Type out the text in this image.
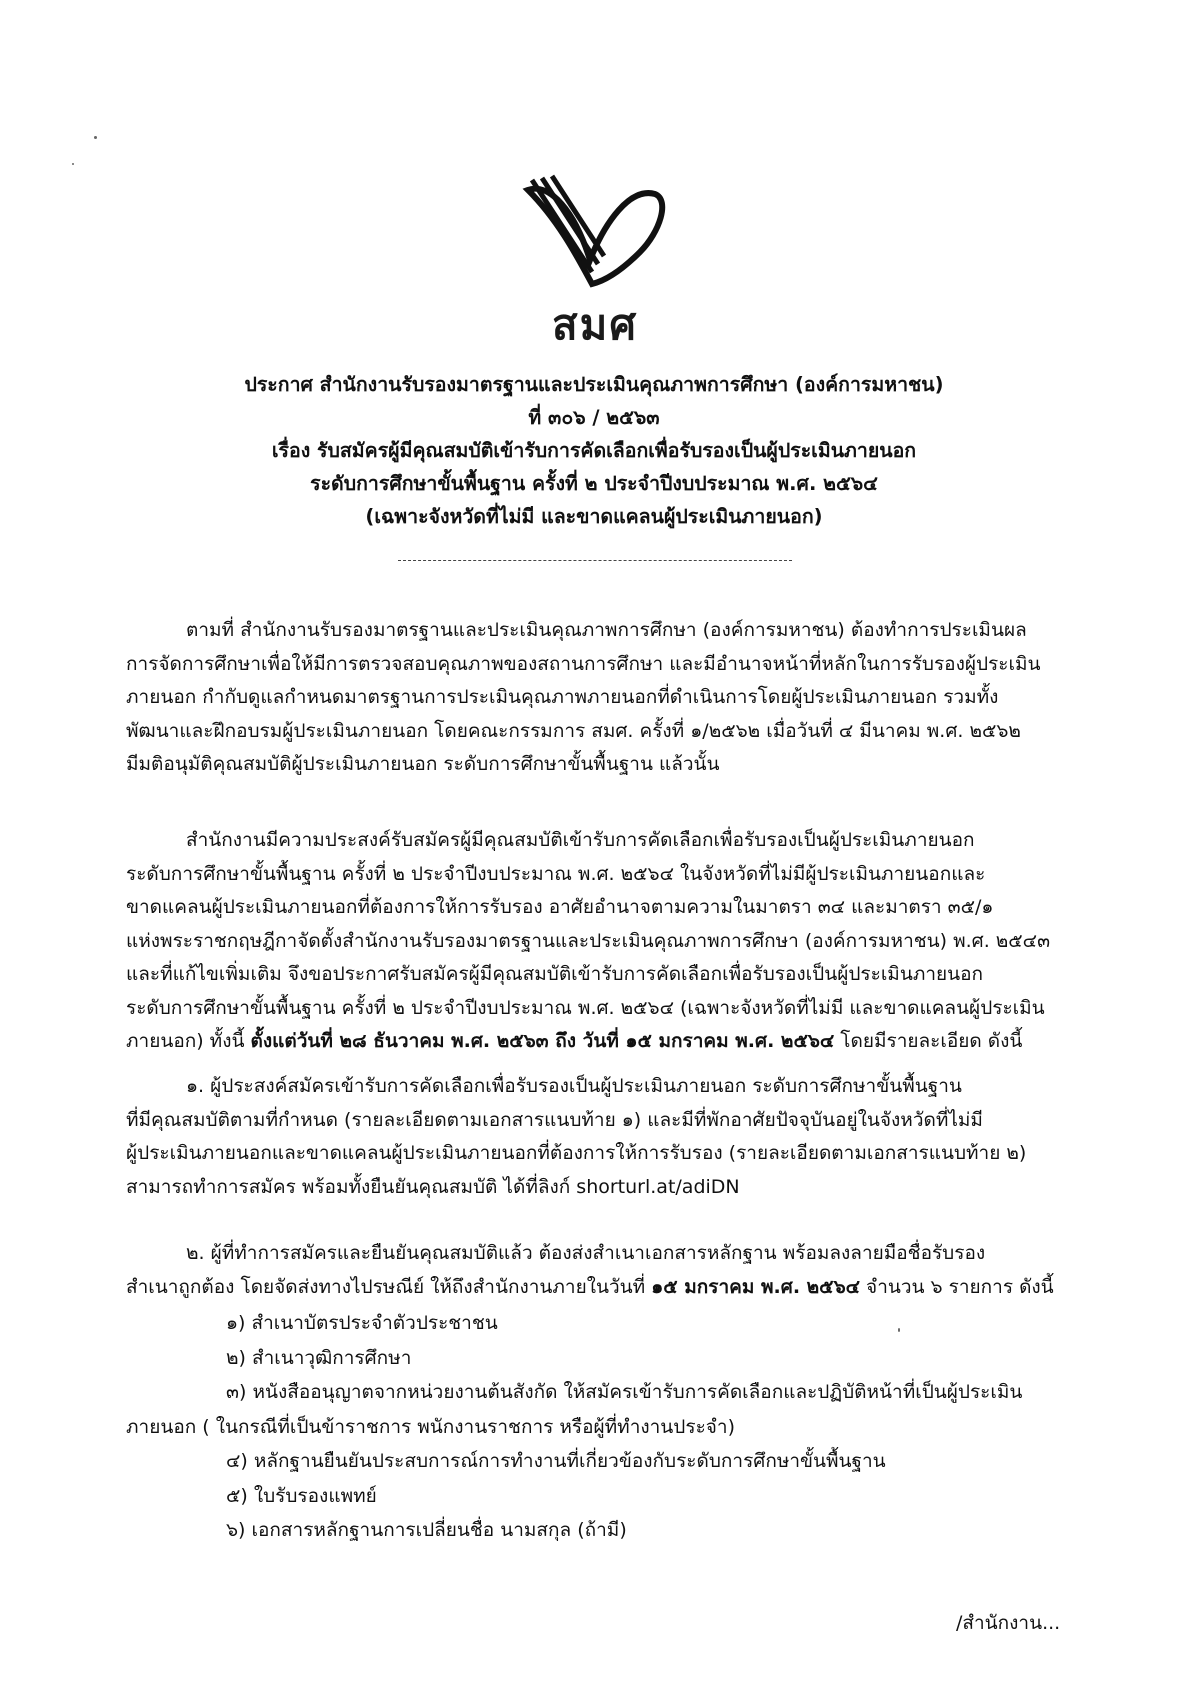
สมศ
ประกาศ สำนักงานรับรองมาตรฐานและประเมินคุณภาพการศึกษา (องค์การมหาชน)
ที่ ๓๐๖ / ๒๕๖๓
เรื่อง รับสมัครผู้มีคุณสมบัติเข้ารับการคัดเลือกเพื่อรับรองเป็นผู้ประเมินภายนอก
ระดับการศึกษาขั้นพื้นฐาน ครั้งที่ ๒ ประจำปีงบประมาณ พ.ศ. ๒๕๖๔
(เฉพาะจังหวัดที่ไม่มี และขาดแคลนผู้ประเมินภายนอก)
ตามที่ สำนักงานรับรองมาตรฐานและประเมินคุณภาพการศึกษา (องค์การมหาชน) ต้องทำการประเมินผล
การจัดการศึกษาเพื่อให้มีการตรวจสอบคุณภาพของสถานการศึกษา และมีอำนาจหน้าที่หลักในการรับรองผู้ประเมิน
ภายนอก กำกับดูแลกำหนดมาตรฐานการประเมินคุณภาพภายนอกที่ดำเนินการโดยผู้ประเมินภายนอก รวมทั้ง
พัฒนาและฝึกอบรมผู้ประเมินภายนอก โดยคณะกรรมการ สมศ. ครั้งที่ ๑/๒๕๖๒ เมื่อวันที่ ๔ มีนาคม พ.ศ. ๒๕๖๒
มีมติอนุมัติคุณสมบัติผู้ประเมินภายนอก ระดับการศึกษาขั้นพื้นฐาน แล้วนั้น
สำนักงานมีความประสงค์รับสมัครผู้มีคุณสมบัติเข้ารับการคัดเลือกเพื่อรับรองเป็นผู้ประเมินภายนอก
ระดับการศึกษาขั้นพื้นฐาน ครั้งที่ ๒ ประจำปีงบประมาณ พ.ศ. ๒๕๖๔ ในจังหวัดที่ไม่มีผู้ประเมินภายนอกและ
ขาดแคลนผู้ประเมินภายนอกที่ต้องการให้การรับรอง อาศัยอำนาจตามความในมาตรา ๓๔ และมาตรา ๓๕/๑
แห่งพระราชกฤษฎีกาจัดตั้งสำนักงานรับรองมาตรฐานและประเมินคุณภาพการศึกษา (องค์การมหาชน) พ.ศ. ๒๕๔๓
และที่แก้ไขเพิ่มเติม จึงขอประกาศรับสมัครผู้มีคุณสมบัติเข้ารับการคัดเลือกเพื่อรับรองเป็นผู้ประเมินภายนอก
ระดับการศึกษาขั้นพื้นฐาน ครั้งที่ ๒ ประจำปีงบประมาณ พ.ศ. ๒๕๖๔ (เฉพาะจังหวัดที่ไม่มี และขาดแคลนผู้ประเมิน
ภายนอก) ทั้งนี้ ตั้งแต่วันที่ ๒๘ ธันวาคม พ.ศ. ๒๕๖๓ ถึง วันที่ ๑๕ มกราคม พ.ศ. ๒๕๖๔ โดยมีรายละเอียด ดังนี้
๑. ผู้ประสงค์สมัครเข้ารับการคัดเลือกเพื่อรับรองเป็นผู้ประเมินภายนอก ระดับการศึกษาขั้นพื้นฐาน
ที่มีคุณสมบัติตามที่กำหนด (รายละเอียดตามเอกสารแนบท้าย ๑) และมีที่พักอาศัยปัจจุบันอยู่ในจังหวัดที่ไม่มี
ผู้ประเมินภายนอกและขาดแคลนผู้ประเมินภายนอกที่ต้องการให้การรับรอง (รายละเอียดตามเอกสารแนบท้าย ๒)
สามารถทำการสมัคร พร้อมทั้งยืนยันคุณสมบัติ ได้ที่ลิงก์ shorturl.at/adiDN
๒. ผู้ที่ทำการสมัครและยืนยันคุณสมบัติแล้ว ต้องส่งสำเนาเอกสารหลักฐาน พร้อมลงลายมือชื่อรับรอง
สำเนาถูกต้อง โดยจัดส่งทางไปรษณีย์ ให้ถึงสำนักงานภายในวันที่ ๑๕ มกราคม พ.ศ. ๒๕๖๔ จำนวน ๖ รายการ ดังนี้
๑) สำเนาบัตรประจำตัวประชาชน
๒) สำเนาวุฒิการศึกษา
๓) หนังสืออนุญาตจากหน่วยงานต้นสังกัด ให้สมัครเข้ารับการคัดเลือกและปฏิบัติหน้าที่เป็นผู้ประเมิน
ภายนอก ( ในกรณีที่เป็นข้าราชการ พนักงานราชการ หรือผู้ที่ทำงานประจำ)
๔) หลักฐานยืนยันประสบการณ์การทำงานที่เกี่ยวข้องกับระดับการศึกษาขั้นพื้นฐาน
๕) ใบรับรองแพทย์
๖) เอกสารหลักฐานการเปลี่ยนชื่อ นามสกุล (ถ้ามี)
/สำนักงาน...
